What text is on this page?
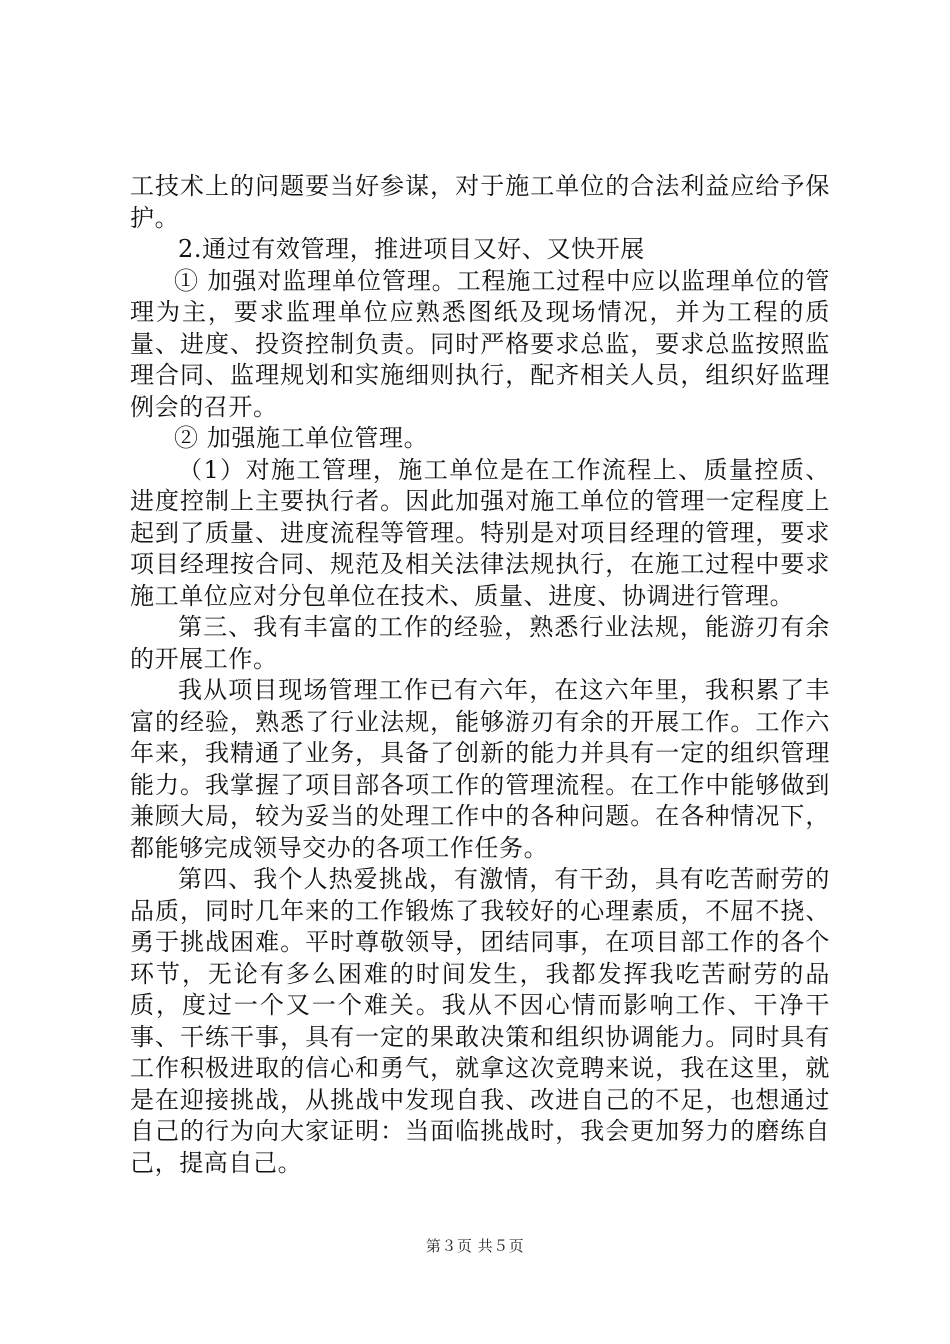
工技术上的问题要当好参谋，对于施工单位的合法利益应给予保护。

2.通过有效管理，推进项目又好、又快开展

① 加强对监理单位管理。工程施工过程中应以监理单位的管理为主，要求监理单位应熟悉图纸及现场情况，并为工程的质量、进度、投资控制负责。同时严格要求总监，要求总监按照监理合同、监理规划和实施细则执行，配齐相关人员，组织好监理例会的召开。

② 加强施工单位管理。

（1）对施工管理，施工单位是在工作流程上、质量控质、进度控制上主要执行者。因此加强对施工单位的管理一定程度上起到了质量、进度流程等管理。特别是对项目经理的管理，要求项目经理按合同、规范及相关法律法规执行，在施工过程中要求施工单位应对分包单位在技术、质量、进度、协调进行管理。

第三、我有丰富的工作的经验，熟悉行业法规，能游刃有余的开展工作。

我从项目现场管理工作已有六年，在这六年里，我积累了丰富的经验，熟悉了行业法规，能够游刃有余的开展工作。工作六年来，我精通了业务，具备了创新的能力并具有一定的组织管理能力。我掌握了项目部各项工作的管理流程。在工作中能够做到兼顾大局，较为妥当的处理工作中的各种问题。在各种情况下，都能够完成领导交办的各项工作任务。

第四、我个人热爱挑战，有激情，有干劲，具有吃苦耐劳的品质，同时几年来的工作锻炼了我较好的心理素质，不屈不挠、勇于挑战困难。平时尊敬领导，团结同事，在项目部工作的各个环节，无论有多么困难的时间发生，我都发挥我吃苦耐劳的品质，度过一个又一个难关。我从不因心情而影响工作、干净干事、干练干事，具有一定的果敢决策和组织协调能力。同时具有工作积极进取的信心和勇气，就拿这次竞聘来说，我在这里，就是在迎接挑战，从挑战中发现自我、改进自己的不足，也想通过自己的行为向大家证明：当面临挑战时，我会更加努力的磨练自己，提高自己。

第３页 共５页
